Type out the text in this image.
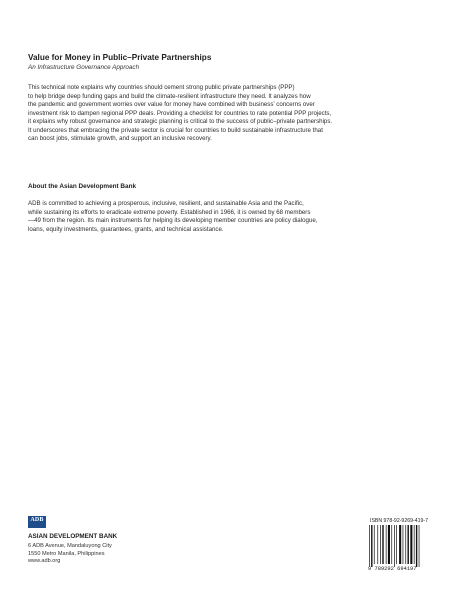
Value for Money in Public–Private Partnerships
An Infrastructure Governance Approach
This technical note explains why countries should cement strong public private partnerships (PPP)
to help bridge deep funding gaps and build the climate-resilient infrastructure they need. It analyzes how
the pandemic and government worries over value for money have combined with business’ concerns over
investment risk to dampen regional PPP deals. Providing a checklist for countries to rate potential PPP projects,
it explains why robust governance and strategic planning is critical to the success of public–private partnerships.
It underscores that embracing the private sector is crucial for countries to build sustainable infrastructure that
can boost jobs, stimulate growth, and support an inclusive recovery.
About the Asian Development Bank
ADB is committed to achieving a prosperous, inclusive, resilient, and sustainable Asia and the Pacific,
while sustaining its efforts to eradicate extreme poverty. Established in 1966, it is owned by 68 members
—49 from the region. Its main instruments for helping its developing member countries are policy dialogue,
loans, equity investments, guarantees, grants, and technical assistance.
ADB
ASIAN DEVELOPMENT BANK
6 ADB Avenue, Mandaluyong City
1550 Metro Manila, Philippines
www.adb.org
ISBN 978-92-9269-419-7
9 789292 694197
